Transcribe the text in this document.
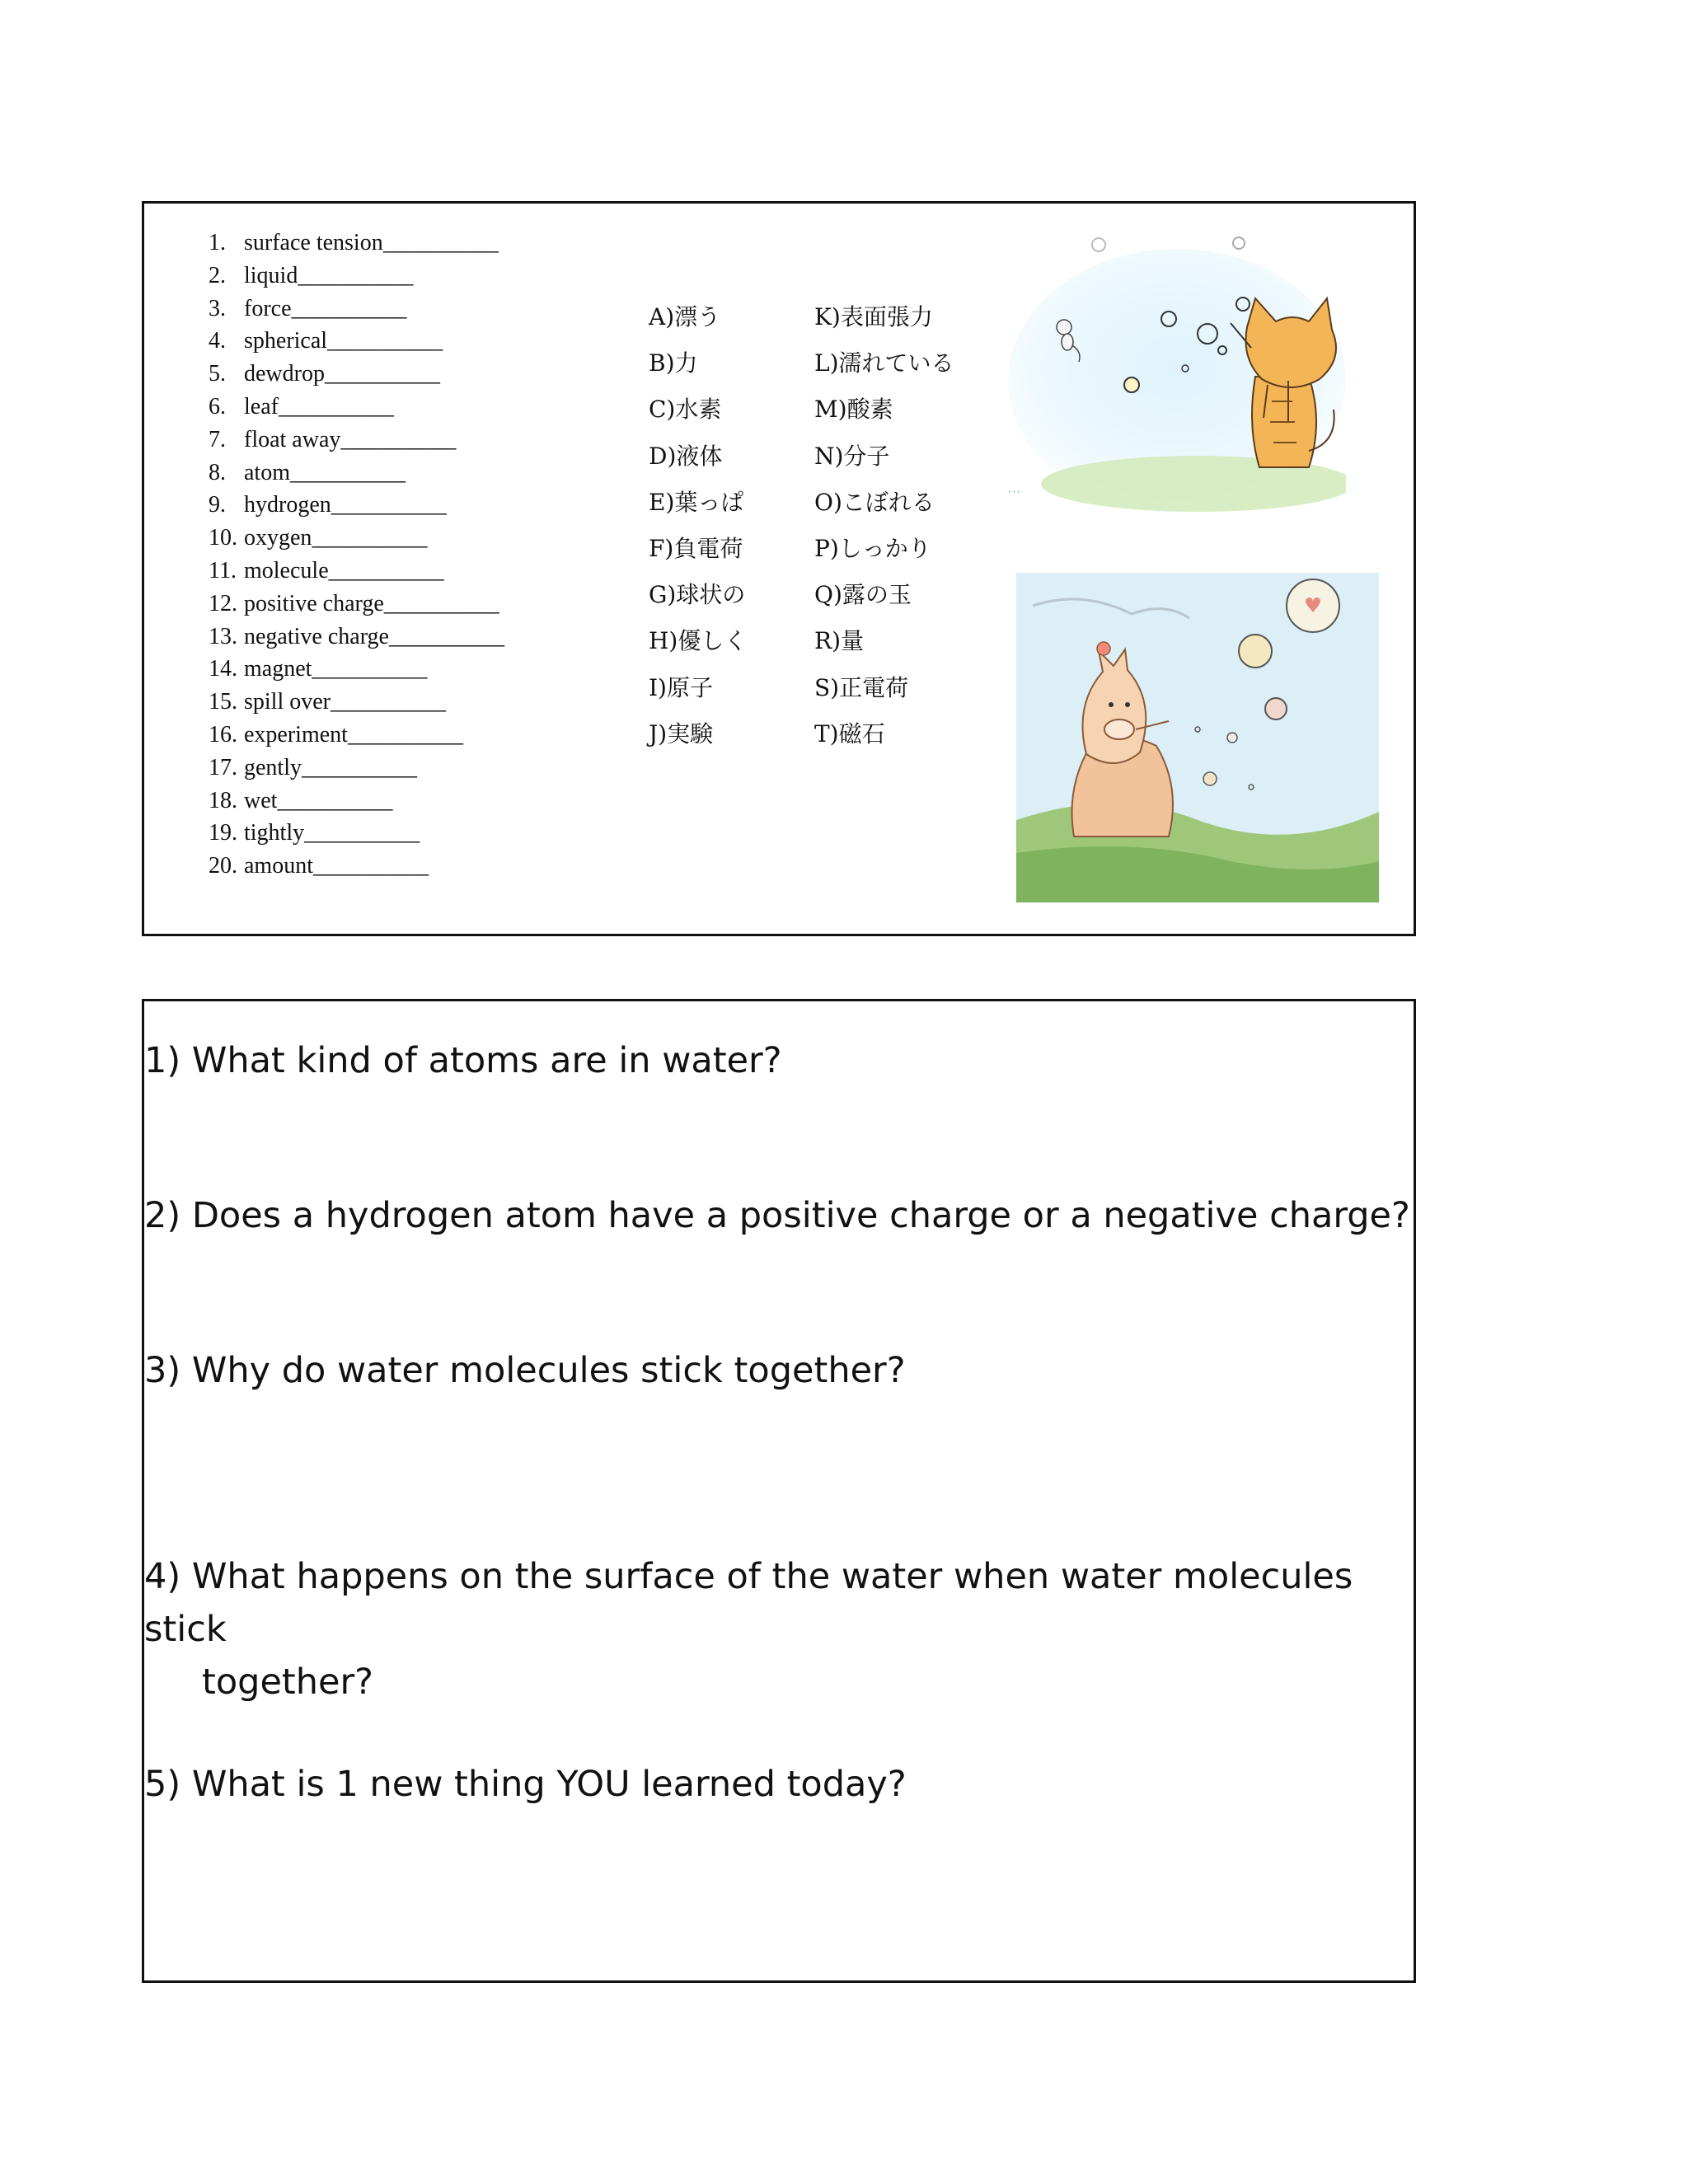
1. surface tension _____
2. liquid _____
3. force _____
4. spherical _____
5. dewdrop _____
6. leaf _____
7. float away _____
8. atom _____
9. hydrogen _____
10. oxygen _____
11. molecule _____
12. positive charge _____
13. negative charge _____
14. magnet _____
15. spill over _____
16. experiment _____
17. gently _____
18. wet _____
19. tightly _____
20. amount _____
A)漂う
B)力
C)水素
D)液体
E)葉っぱ
F)負電荷
G)球状の
H)優しく
I)原子
J)実験
K)表面張力
L)濡れている
M)酸素
N)分子
O)こぼれる
P)しっかり
Q)露の玉
R)量
S)正電荷
T)磁石
• • •
1) What kind of atoms are in water?
2) Does a hydrogen atom have a positive charge or a negative charge?
3) Why do water molecules stick together?
4) What happens on the surface of the water when water molecules stick
together?
5) What is 1 new thing YOU learned today?
